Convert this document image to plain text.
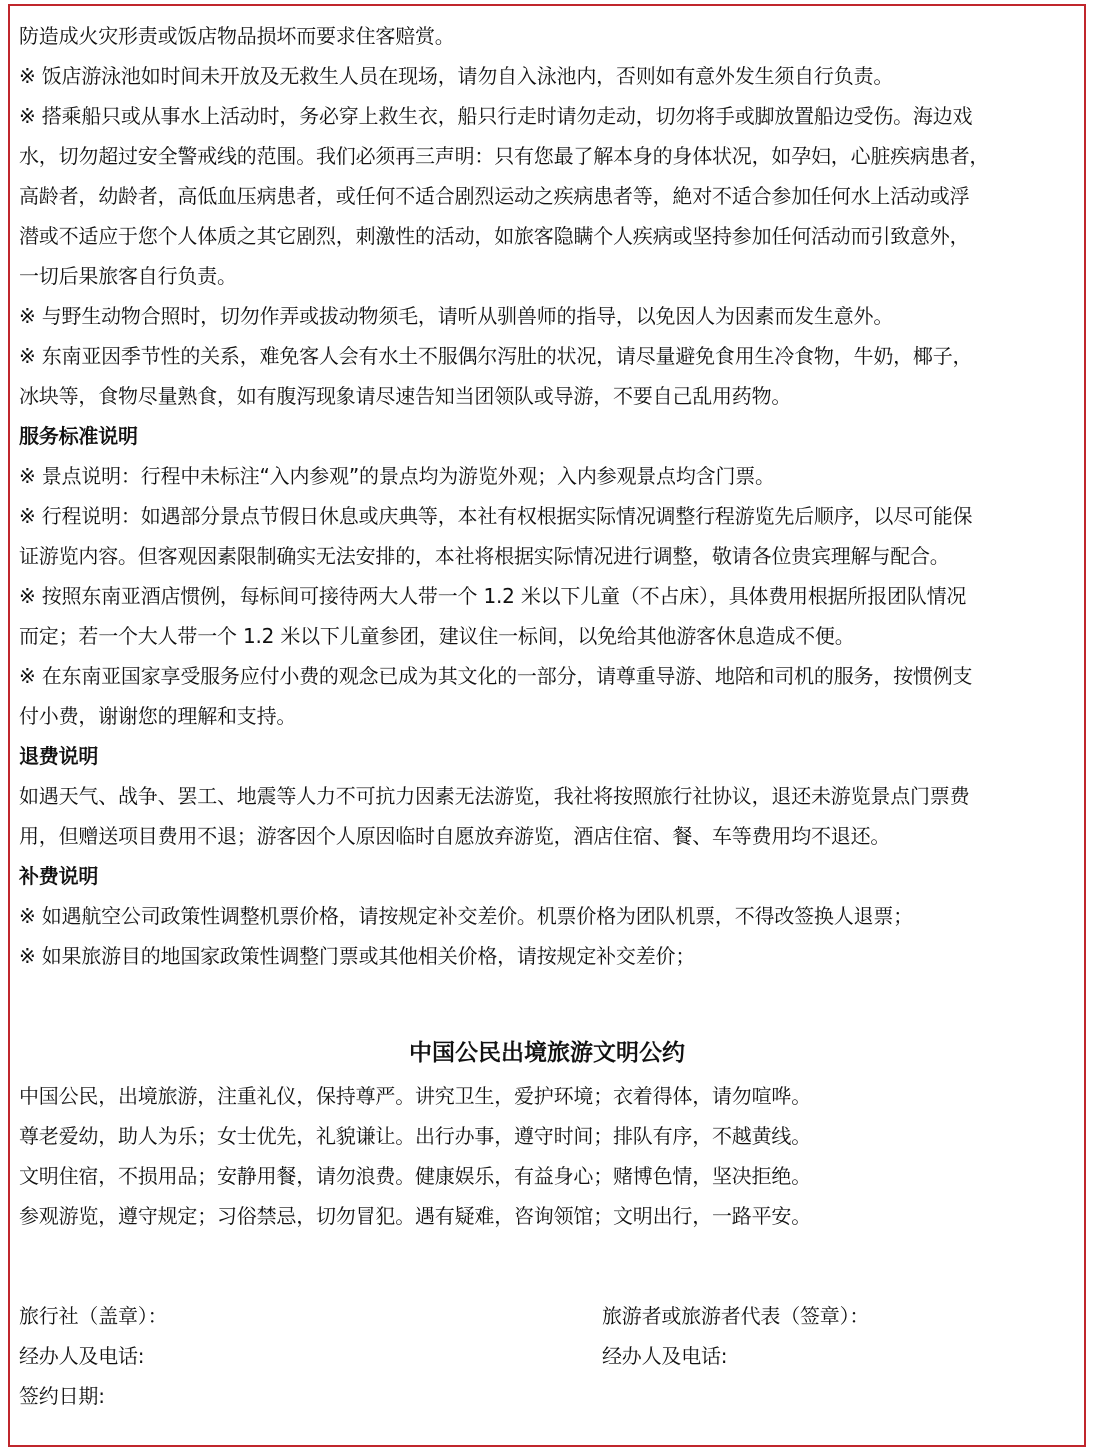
防造成火灾形责或饭店物品损坏而要求住客赔赏。
※ 饭店游泳池如时间未开放及无救生人员在现场，请勿自入泳池内，否则如有意外发生须自行负责。
※ 搭乘船只或从事水上活动时，务必穿上救生衣，船只行走时请勿走动，切勿将手或脚放置船边受伤。海边戏
水，切勿超过安全警戒线的范围。我们必须再三声明：只有您最了解本身的身体状况，如孕妇，心脏疾病患者，
高龄者，幼龄者，高低血压病患者，或任何不适合剧烈运动之疾病患者等，絶对不适合参加任何水上活动或浮
潜或不适应于您个人体质之其它剧烈，刺激性的活动，如旅客隐瞒个人疾病或坚持参加任何活动而引致意外，
一切后果旅客自行负责。
※ 与野生动物合照时，切勿作弄或拔动物须毛，请听从驯兽师的指导，以免因人为因素而发生意外。
※ 东南亚因季节性的关系，难免客人会有水土不服偶尔泻肚的状况，请尽量避免食用生冷食物，牛奶，椰子，
冰块等，食物尽量熟食，如有腹泻现象请尽速告知当团领队或导游，不要自己乱用药物。
服务标准说明
※ 景点说明：行程中未标注“入内参观”的景点均为游览外观；入内参观景点均含门票。
※ 行程说明：如遇部分景点节假日休息或庆典等，本社有权根据实际情况调整行程游览先后顺序，以尽可能保
证游览内容。但客观因素限制确实无法安排的，本社将根据实际情况进行调整，敬请各位贵宾理解与配合。
※ 按照东南亚酒店惯例，每标间可接待两大人带一个 1.2 米以下儿童（不占床），具体费用根据所报团队情况
而定；若一个大人带一个 1.2 米以下儿童参团，建议住一标间，以免给其他游客休息造成不便。
※ 在东南亚国家享受服务应付小费的观念已成为其文化的一部分，请尊重导游、地陪和司机的服务，按惯例支
付小费，谢谢您的理解和支持。
退费说明
如遇天气、战争、罢工、地震等人力不可抗力因素无法游览，我社将按照旅行社协议，退还未游览景点门票费
用，但赠送项目费用不退；游客因个人原因临时自愿放弃游览，酒店住宿、餐、车等费用均不退还。
补费说明
※ 如遇航空公司政策性调整机票价格，请按规定补交差价。机票价格为团队机票，不得改签换人退票；
※ 如果旅游目的地国家政策性调整门票或其他相关价格，请按规定补交差价；
中国公民出境旅游文明公约
中国公民，出境旅游，注重礼仪，保持尊严。讲究卫生，爱护环境；衣着得体，请勿喧哗。
尊老爱幼，助人为乐；女士优先，礼貌谦让。出行办事，遵守时间；排队有序，不越黄线。
文明住宿，不损用品；安静用餐，请勿浪费。健康娱乐，有益身心；赌博色情，坚决拒绝。
参观游览，遵守规定；习俗禁忌，切勿冒犯。遇有疑难，咨询领馆；文明出行，一路平安。
旅行社（盖章）：	旅游者或旅游者代表（签章）：
经办人及电话:	经办人及电话:
签约日期:
